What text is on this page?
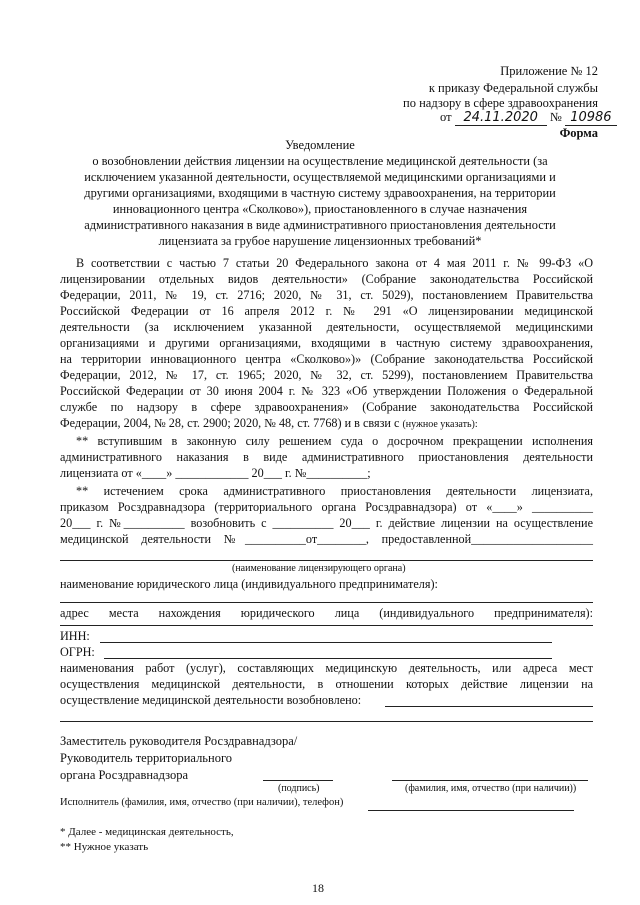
Приложение № 12
к приказу Федеральной службы
по надзору в сфере здравоохранения
от 24.11.2020 № 10986
Форма
Уведомление
о возобновлении действия лицензии на осуществление медицинской деятельности (за
исключением указанной деятельности, осуществляемой медицинскими организациями и
другими организациями, входящими в частную систему здравоохранения, на территории
инновационного центра «Сколково»), приостановленного в случае назначения
административного наказания в виде административного приостановления деятельности
лицензиата за грубое нарушение лицензионных требований*
В соответствии с частью 7 статьи 20 Федерального закона от 4 мая 2011 г. № 99-ФЗ «О
лицензировании отдельных видов деятельности» (Собрание законодательства Российской
Федерации, 2011, № 19, ст. 2716; 2020, № 31, ст. 5029), постановлением Правительства
Российской Федерации от 16 апреля 2012 г. № 291 «О лицензировании медицинской
деятельности (за исключением указанной деятельности, осуществляемой медицинскими
организациями и другими организациями, входящими в частную систему здравоохранения,
на территории инновационного центра «Сколково»)» (Собрание законодательства Российской
Федерации, 2012, № 17, ст. 1965; 2020, № 32, ст. 5299), постановлением Правительства
Российской Федерации от 30 июня 2004 г. № 323 «Об утверждении Положения о Федеральной
службе по надзору в сфере здравоохранения» (Собрание законодательства Российской
Федерации, 2004, № 28, ст. 2900; 2020, № 48, ст. 7768) и в связи с (нужное указать):
** вступившим в законную силу решением суда о досрочном прекращении исполнения
административного наказания в виде административного приостановления деятельности
лицензиата от «____» ____________ 20___ г. №__________;
** истечением срока административного приостановления деятельности лицензиата,
приказом Росздравнадзора (территориального органа Росздравнадзора) от «____» __________
20___ г. №__________ возобновить с __________ 20___ г. действие лицензии на осуществление
медицинской деятельности №__________от________, предоставленной____________________
(наименование лицензирующего органа)
наименование юридического лица (индивидуального предпринимателя):
адрес места нахождения юридического лица (индивидуального предпринимателя):
ИНН:
ОГРН:
наименования работ (услуг), составляющих медицинскую деятельность, или адреса мест
осуществления медицинской деятельности, в отношении которых действие лицензии на
осуществление медицинской деятельности возобновлено:
Заместитель руководителя Росздравнадзора/
Руководитель территориального
органа Росздравнадзора
(подпись)	(фамилия, имя, отчество (при наличии))
Исполнитель (фамилия, имя, отчество (при наличии), телефон)
* Далее - медицинская деятельность,
** Нужное указать
18
